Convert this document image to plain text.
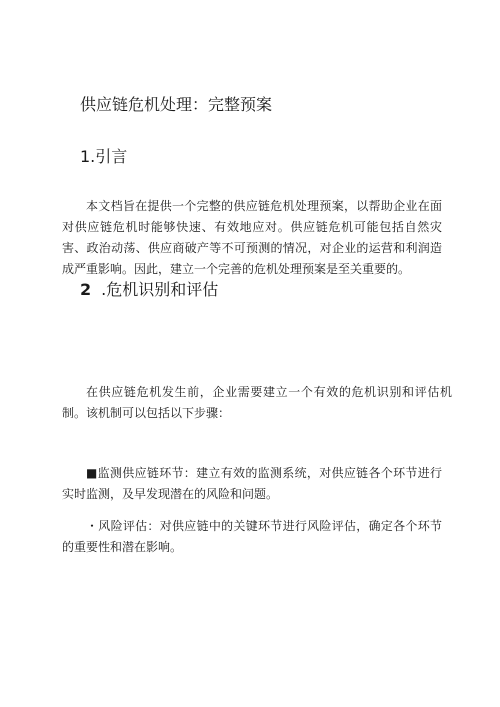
供应链危机处理：完整预案
1.引言
本文档旨在提供一个完整的供应链危机处理预案，以帮助企业在面对供应链危机时能够快速、有效地应对。供应链危机可能包括自然灾害、政治动荡、供应商破产等不可预测的情况，对企业的运营和利润造成严重影响。因此，建立一个完善的危机处理预案是至关重要的。
2 .危机识别和评估
在供应链危机发生前，企业需要建立一个有效的危机识别和评估机制。该机制可以包括以下步骤：
■监测供应链环节：建立有效的监测系统，对供应链各个环节进行实时监测，及早发现潜在的风险和问题。
・风险评估：对供应链中的关键环节进行风险评估，确定各个环节的重要性和潜在影响。
